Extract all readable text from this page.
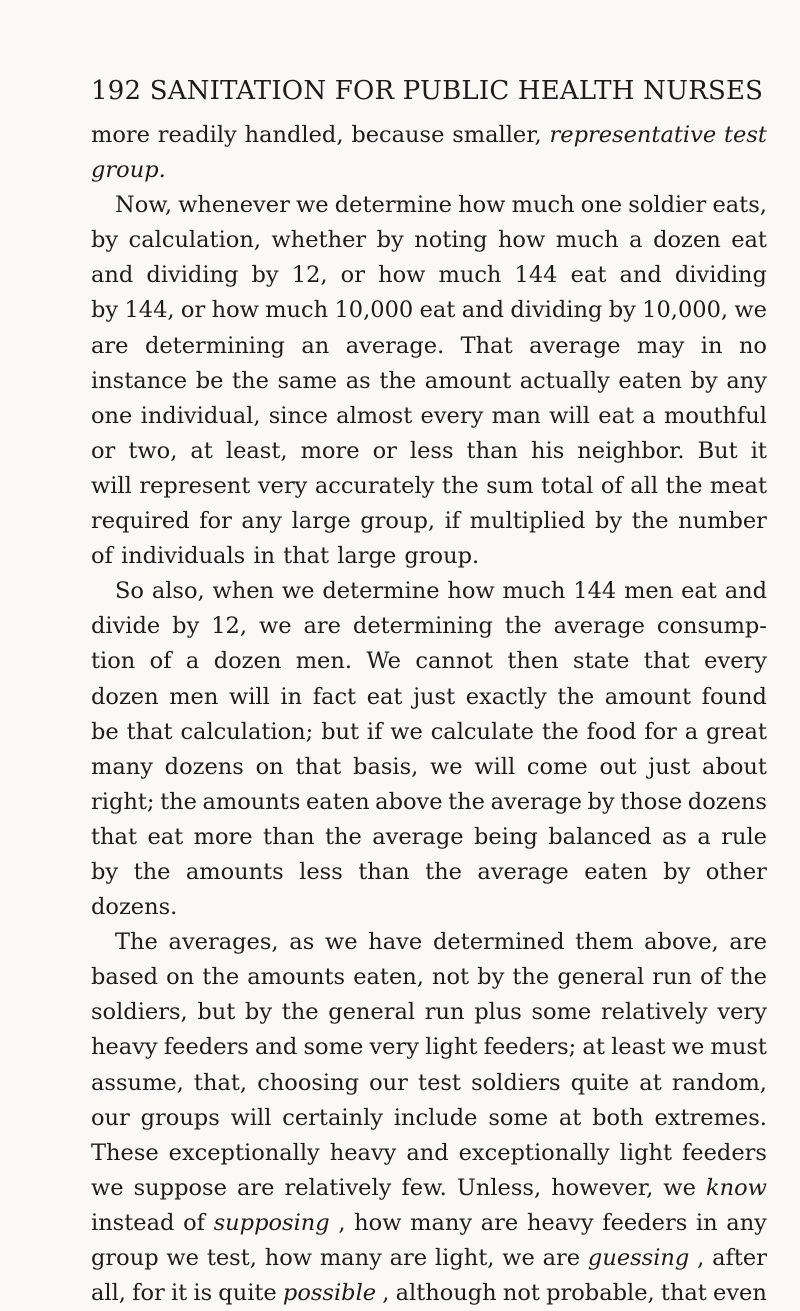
192 SANITATION FOR PUBLIC HEALTH NURSES
more readily handled, because smaller, representative test
group.
Now, whenever we determine how much one soldier eats,
by calculation, whether by noting how much a dozen eat
and dividing by 12, or how much 144 eat and dividing
by 144, or how much 10,000 eat and dividing by 10,000, we
are determining an average. That average may in no
instance be the same as the amount actually eaten by any
one individual, since almost every man will eat a mouthful
or two, at least, more or less than his neighbor. But it
will represent very accurately the sum total of all the meat
required for any large group, if multiplied by the number
of individuals in that large group.
So also, when we determine how much 144 men eat and
divide by 12, we are determining the average consump-
tion of a dozen men. We cannot then state that every
dozen men will in fact eat just exactly the amount found
be that calculation; but if we calculate the food for a great
many dozens on that basis, we will come out just about
right; the amounts eaten above the average by those dozens
that eat more than the average being balanced as a rule
by the amounts less than the average eaten by other
dozens.
The averages, as we have determined them above, are
based on the amounts eaten, not by the general run of the
soldiers, but by the general run plus some relatively very
heavy feeders and some very light feeders; at least we must
assume, that, choosing our test soldiers quite at random,
our groups will certainly include some at both extremes.
These exceptionally heavy and exceptionally light feeders
we suppose are relatively few. Unless, however, we know
instead of supposing , how many are heavy feeders in any
group we test, how many are light, we are guessing , after
all, for it is quite possible , although not probable, that even
